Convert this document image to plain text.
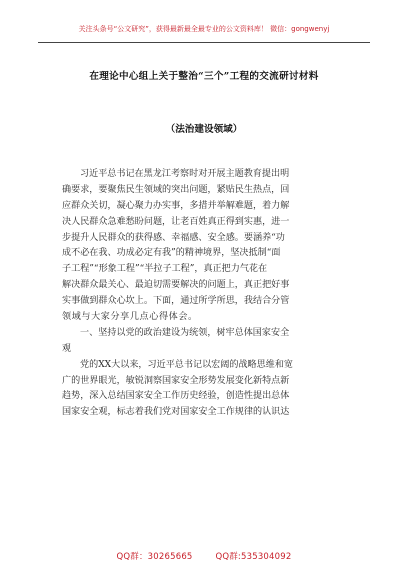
关注头条号“公文研究”，获得最新最全最专业的公文资料库！ 微信：gongwenyj
在理论中心组上关于整治“三个”工程的交流研讨材料
（法治建设领域）
习近平总书记在黑龙江考察时对开展主题教育提出明
确要求，要聚焦民生领域的突出问题，紧贴民生热点，回
应群众关切，凝心聚力办实事，多措并举解难题，着力解
决人民群众急难愁盼问题，让老百姓真正得到实惠，进一
步提升人民群众的获得感、幸福感、安全感。要涵养“功
成不必在我、功成必定有我”的精神境界，坚决抵制“面
子工程”“形象工程”“半拉子工程”，真正把力气花在
解决群众最关心、最迫切需要解决的问题上，真正把好事
实事做到群众心坎上。下面，通过所学所思，我结合分管
领域与大家分享几点心得体会。
一、坚持以党的政治建设为统领，树牢总体国家安全
观
党的XX大以来，习近平总书记以宏阔的战略思维和宽
广的世界眼光，敏锐洞察国家安全形势发展变化新特点新
趋势，深入总结国家安全工作历史经验，创造性提出总体
国家安全观，标志着我们党对国家安全工作规律的认识达
QQ群：30265665	QQ群:535304092
